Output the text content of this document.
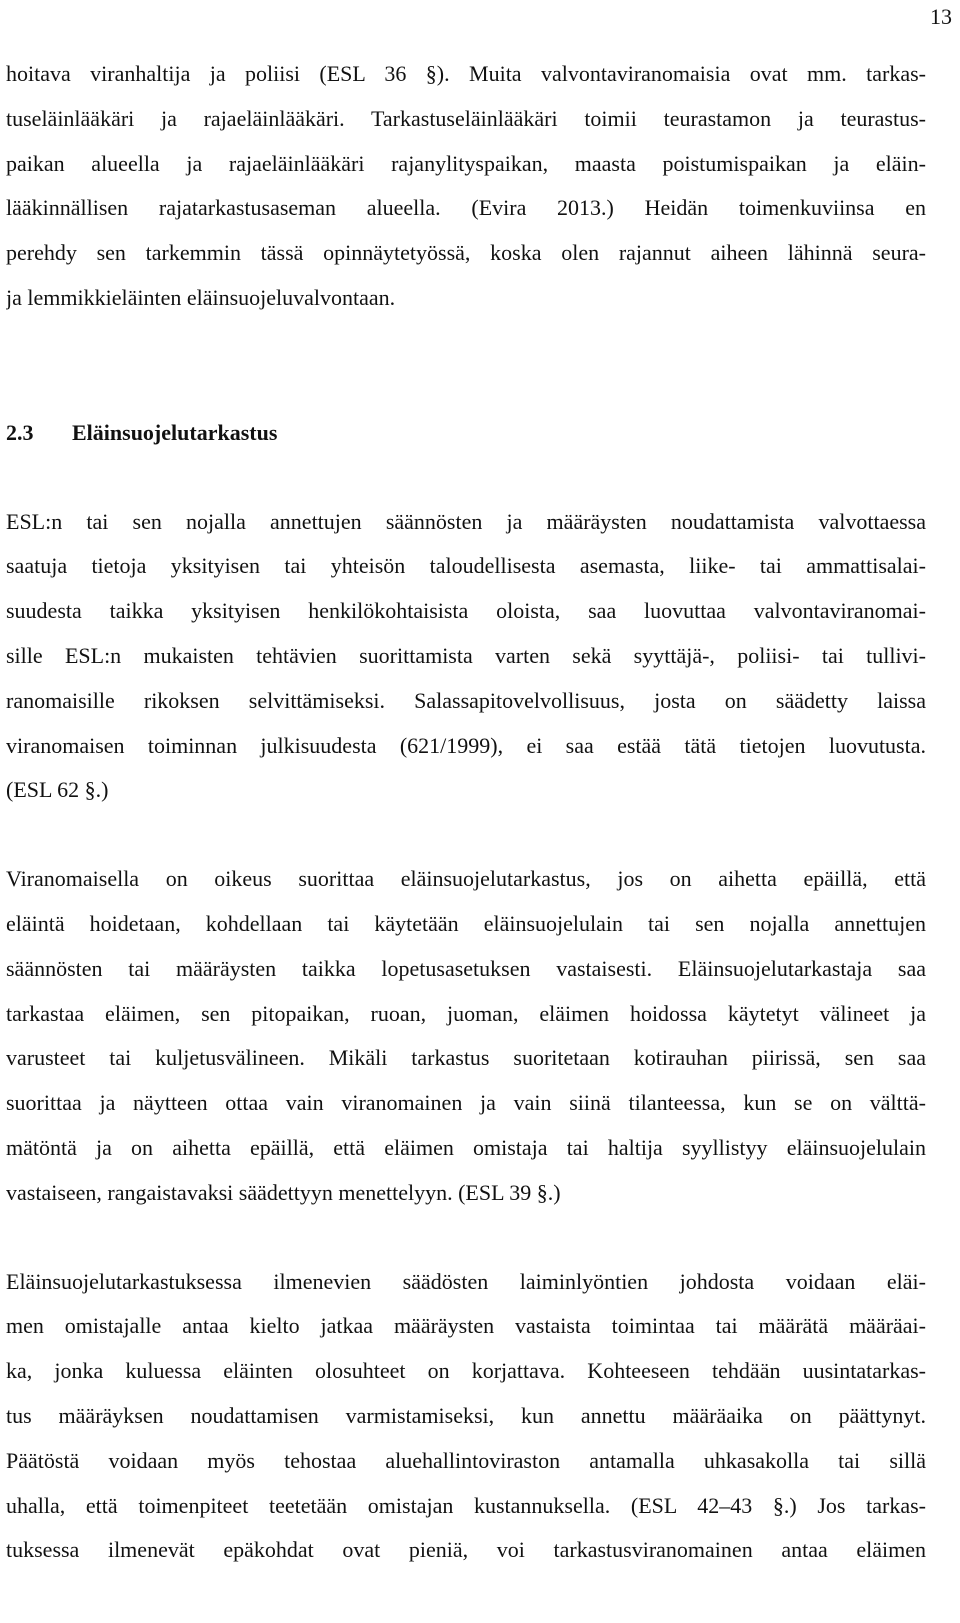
13
hoitava viranhaltija ja poliisi (ESL 36 §). Muita valvontaviranomaisia ovat mm. tarkas-
tuseläinlääkäri ja rajaeläinlääkäri. Tarkastuseläinlääkäri toimii teurastamon ja teurastus-
paikan alueella ja rajaeläinlääkäri rajanylityspaikan, maasta poistumispaikan ja eläin-
lääkinnällisen rajatarkastusaseman alueella. (Evira 2013.) Heidän toimenkuviinsa en
perehdy sen tarkemmin tässä opinnäytetyössä, koska olen rajannut aiheen lähinnä seura-
ja lemmikkieläinten eläinsuojeluvalvontaan.
2.3 Eläinsuojelutarkastus
ESL:n tai sen nojalla annettujen säännösten ja määräysten noudattamista valvottaessa
saatuja tietoja yksityisen tai yhteisön taloudellisesta asemasta, liike- tai ammattisalai-
suudesta taikka yksityisen henkilökohtaisista oloista, saa luovuttaa valvontaviranomai-
sille ESL:n mukaisten tehtävien suorittamista varten sekä syyttäjä-, poliisi- tai tullivi-
ranomaisille rikoksen selvittämiseksi. Salassapitovelvollisuus, josta on säädetty laissa
viranomaisen toiminnan julkisuudesta (621/1999), ei saa estää tätä tietojen luovutusta.
(ESL 62 §.)
Viranomaisella on oikeus suorittaa eläinsuojelutarkastus, jos on aihetta epäillä, että
eläintä hoidetaan, kohdellaan tai käytetään eläinsuojelulain tai sen nojalla annettujen
säännösten tai määräysten taikka lopetusasetuksen vastaisesti. Eläinsuojelutarkastaja saa
tarkastaa eläimen, sen pitopaikan, ruoan, juoman, eläimen hoidossa käytetyt välineet ja
varusteet tai kuljetusvälineen. Mikäli tarkastus suoritetaan kotirauhan piirissä, sen saa
suorittaa ja näytteen ottaa vain viranomainen ja vain siinä tilanteessa, kun se on välttä-
mätöntä ja on aihetta epäillä, että eläimen omistaja tai haltija syyllistyy eläinsuojelulain
vastaiseen, rangaistavaksi säädettyyn menettelyyn. (ESL 39 §.)
Eläinsuojelutarkastuksessa ilmenevien säädösten laiminlyöntien johdosta voidaan eläi-
men omistajalle antaa kielto jatkaa määräysten vastaista toimintaa tai määrätä määräai-
ka, jonka kuluessa eläinten olosuhteet on korjattava. Kohteeseen tehdään uusintatarkas-
tus määräyksen noudattamisen varmistamiseksi, kun annettu määräaika on päättynyt.
Päätöstä voidaan myös tehostaa aluehallintoviraston antamalla uhkasakolla tai sillä
uhalla, että toimenpiteet teetetään omistajan kustannuksella. (ESL 42–43 §.) Jos tarkas-
tuksessa ilmenevät epäkohdat ovat pieniä, voi tarkastusviranomainen antaa eläimen
